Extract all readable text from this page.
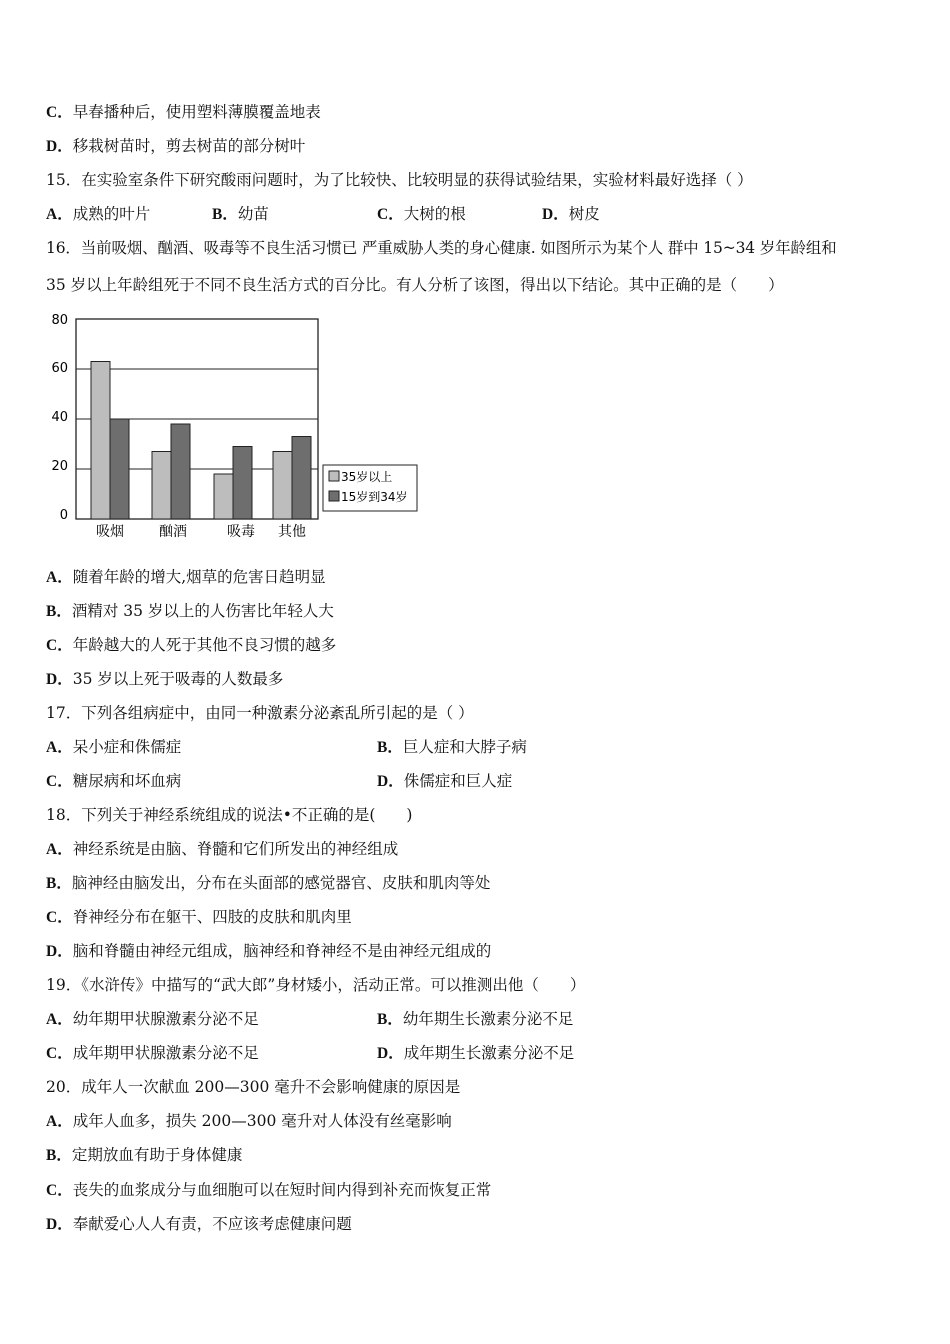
C．早春播种后，使用塑料薄膜覆盖地表
D．移栽树苗时，剪去树苗的部分树叶
15．在实验室条件下研究酸雨问题时，为了比较快、比较明显的获得试验结果，实验材料最好选择（ ）
A．成熟的叶片	B．幼苗	C．大树的根	D．树皮
16．当前吸烟、酗酒、吸毒等不良生活习惯已 严重威胁人类的身心健康. 如图所示为某个人 群中 15~34 岁年龄组和
35 岁以上年龄组死于不同不良生活方式的百分比。有人分析了该图，得出以下结论。其中正确的是（　　）
0
20
40
60
80
吸烟	酗酒	吸毒 其他
35岁以上
15岁到34岁
A．随着年龄的增大,烟草的危害日趋明显
B．酒精对 35 岁以上的人伤害比年轻人大
C．年龄越大的人死于其他不良习惯的越多
D．35 岁以上死于吸毒的人数最多
17．下列各组病症中，由同一种激素分泌紊乱所引起的是（ ）
A．呆小症和侏儒症	B．巨人症和大脖子病
C．糖尿病和坏血病	D．侏儒症和巨人症
18．下列关于神经系统组成的说法•不正确的是(　　)
A．神经系统是由脑、脊髓和它们所发出的神经组成
B．脑神经由脑发出，分布在头面部的感觉器官、皮肤和肌肉等处
C．脊神经分布在躯干、四肢的皮肤和肌肉里
D．脑和脊髓由神经元组成，脑神经和脊神经不是由神经元组成的
19．《水浒传》中描写的“武大郎”身材矮小，活动正常。可以推测出他（　　）
A．幼年期甲状腺激素分泌不足	B．幼年期生长激素分泌不足
C．成年期甲状腺激素分泌不足	D．成年期生长激素分泌不足
20．成年人一次献血 200—300 毫升不会影响健康的原因是
A．成年人血多，损失 200—300 毫升对人体没有丝毫影响
B．定期放血有助于身体健康
C．丧失的血浆成分与血细胞可以在短时间内得到补充而恢复正常
D．奉献爱心人人有责，不应该考虑健康问题
